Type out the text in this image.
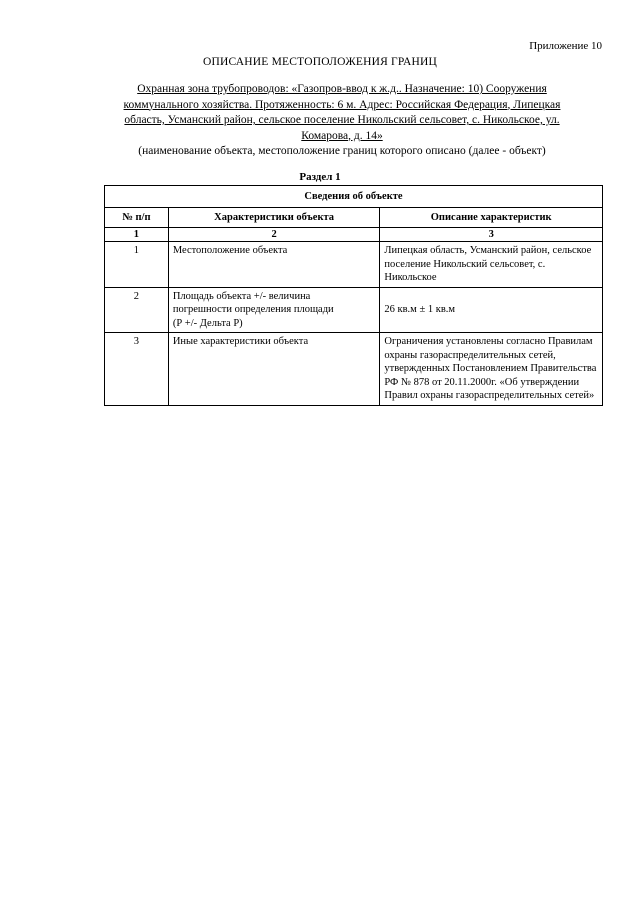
Приложение 10
ОПИСАНИЕ МЕСТОПОЛОЖЕНИЯ ГРАНИЦ
Охранная зона трубопроводов: «Газопров-ввод к ж.д.. Назначение: 10) Сооружения
коммунального хозяйства. Протяженность: 6 м. Адрес: Российская Федерация, Липецкая
область, Усманский район, сельское поселение Никольский сельсовет, с. Никольское, ул.
Комарова, д. 14»
(наименование объекта, местоположение границ которого описано (далее - объект)
Раздел 1
Сведения об объекте		
№ п/п	Характеристики объекта	Описание характеристик
1	2	3
1	Местоположение объекта	Липецкая область, Усманский район, сельское
поселение Никольский сельсовет, с.
Никольское

2	Площадь объекта +/- величина
погрешности определения площади
(Р +/- Дельта Р)	26 кв.м ± 1 кв.м
3	Иные характеристики объекта	Ограничения установлены согласно Правилам
охраны газораспределительных сетей,
утвержденных Постановлением Правительства
РФ № 878 от 20.11.2000г. «Об утверждении
Правил охраны газораспределительных сетей»
